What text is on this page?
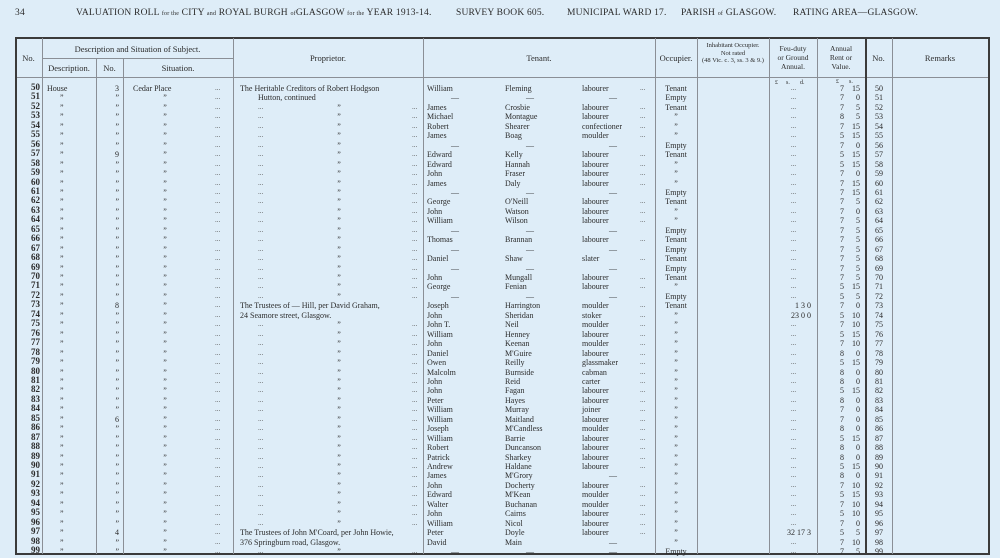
34	VALUATION ROLL for the CITY and ROYAL BURGH ofGLASGOW for the YEAR 1913-14.	SURVEY BOOK 605. MUNICIPAL WARD 17. PARISH of GLASGOW. RATING AREA—GLASGOW.
No.
Description and Situation of Subject.
Description.	No.	Situation.
Proprietor.	Tenant.	Occupier.
Inhabitant Occupier.
Not rated
(48 Vic. c. 3, ss. 3 & 9.)
Feu-duty
or Ground
Annual.
Annual
Rent or
Value.
No.	Remarks
£ s. d.	£ s.
50 House	3 Cedar Place	...	The Heritable Creditors of Robert Hodgson	William	Fleming	labourer	...	Tenant	...	7	15	50
51	”	”	”	...	Hutton, continued	—	—	—	Empty	...	7	0	51
52	”	”	”	...	...	”	...	James	Crosbie	labourer	...	Tenant	...	7	5	52
53	”	”	”	...	...	”	...	Michael	Montague	labourer	...	”	...	8	5	53
54	”	”	”	...	...	”	...	Robert	Shearer	confectioner	...	”	...	7	15	54
55	”	”	”	...	...	”	...	James	Boag	moulder	...	”	...	5	15	55
56	”	”	”	...	...	”	...	—	—	—	Empty	...	7	0	56
57	”	9	”	...	...	”	...	Edward	Kelly	labourer	...	Tenant	...	5	15	57
58	”	”	”	...	...	”	...	Edward	Hannah	labourer	...	”	...	5	15	58
59	”	”	”	...	...	”	...	John	Fraser	labourer	...	”	...	7	0	59
60	”	”	”	...	...	”	...	James	Daly	labourer	...	”	...	7	15	60
61	”	”	”	...	...	”	...	—	—	—	Empty	...	7	15	61
62	”	”	”	...	...	”	...	George	O'Neill	labourer	...	Tenant	...	7	5	62
63	”	”	”	...	...	”	...	John	Watson	labourer	...	”	...	7	0	63
64	”	”	”	...	...	”	...	William	Wilson	labourer	...	”	...	7	5	64
65	”	”	”	...	...	”	...	—	—	—	Empty	...	7	5	65
66	”	”	”	...	...	”	...	Thomas	Brannan	labourer	...	Tenant	...	7	5	66
67	”	”	”	...	...	”	...	—	—	—	Empty	...	7	5	67
68	”	”	”	...	...	”	...	Daniel	Shaw	slater	...	Tenant	...	7	5	68
69	”	”	”	...	...	”	...	—	—	—	Empty	...	7	5	69
70	”	”	”	...	...	”	...	John	Mungall	labourer	...	Tenant	...	7	5	70
71	”	”	”	...	...	”	...	George	Fenian	labourer	...	”	...	5	15	71
72	”	”	”	...	...	”	...	—	—	—	Empty	...	5	5	72
73	”	8	”	...	The Trustees of — Hill, per David Graham,	Joseph	Harrington	moulder	...	Tenant	1 3 0	7	0	73
74	”	”	”	...	24 Seamore street, Glasgow.	John	Sheridan	stoker	...	”	23 0 0	5	10	74
75	”	”	”	...	...	”	...	John T.	Neil	moulder	...	”	...	7	10	75
76	”	”	”	...	...	”	...	William	Henney	labourer	...	”	...	5	15	76
77	”	”	”	...	...	”	...	John	Keenan	moulder	...	”	...	7	10	77
78	”	”	”	...	...	”	...	Daniel	M'Guire	labourer	...	”	...	8	0	78
79	”	”	”	...	...	”	...	Owen	Reilly	glassmaker	...	”	...	5	15	79
80	”	”	”	...	...	”	...	Malcolm	Burnside	cabman	...	”	...	8	0	80
81	”	”	”	...	...	”	...	John	Reid	carter	...	”	...	8	0	81
82	”	”	”	...	...	”	...	John	Fagan	labourer	...	”	...	5	15	82
83	”	”	”	...	...	”	...	Peter	Hayes	labourer	...	”	...	8	0	83
84	”	”	”	...	...	”	...	William	Murray	joiner	...	”	...	7	0	84
85	”	6	”	...	...	”	...	William	Maitland	labourer	...	”	...	7	0	85
86	”	”	”	...	...	”	...	Joseph	M'Candless	moulder	...	”	...	8	0	86
87	”	”	”	...	...	”	...	William	Barrie	labourer	...	”	...	5	15	87
88	”	”	”	...	...	”	...	Robert	Duncanson	labourer	...	”	...	8	0	88
89	”	”	”	...	...	”	...	Patrick	Sharkey	labourer	...	”	...	8	0	89
90	”	”	”	...	...	”	...	Andrew	Haldane	labourer	...	”	...	5	15	90
91	”	”	”	...	...	”	...	James	M'Grory	—	”	...	8	0	91
92	”	”	”	...	...	”	...	John	Docherty	labourer	...	”	...	7	10	92
93	”	”	”	...	...	”	...	Edward	M'Kean	moulder	...	”	...	5	15	93
94	”	”	”	...	...	”	...	Walter	Buchanan	moulder	...	”	...	7	10	94
95	”	”	”	...	...	”	...	John	Cairns	labourer	...	”	...	5	10	95
96	”	”	”	...	...	”	...	William	Nicol	labourer	...	”	...	7	0	96
97	”	4	”	...	The Trustees of John M'Coard, per John Howie,	Peter	Doyle	labourer	...	”	32 17 3	5	5	97
98	”	”	”	...	376 Springburn road, Glasgow.	David	Main	—	”	...	7	10	98
99	”	”	”	...	...	”	...	—	—	—	Empty	...	7	5	99
